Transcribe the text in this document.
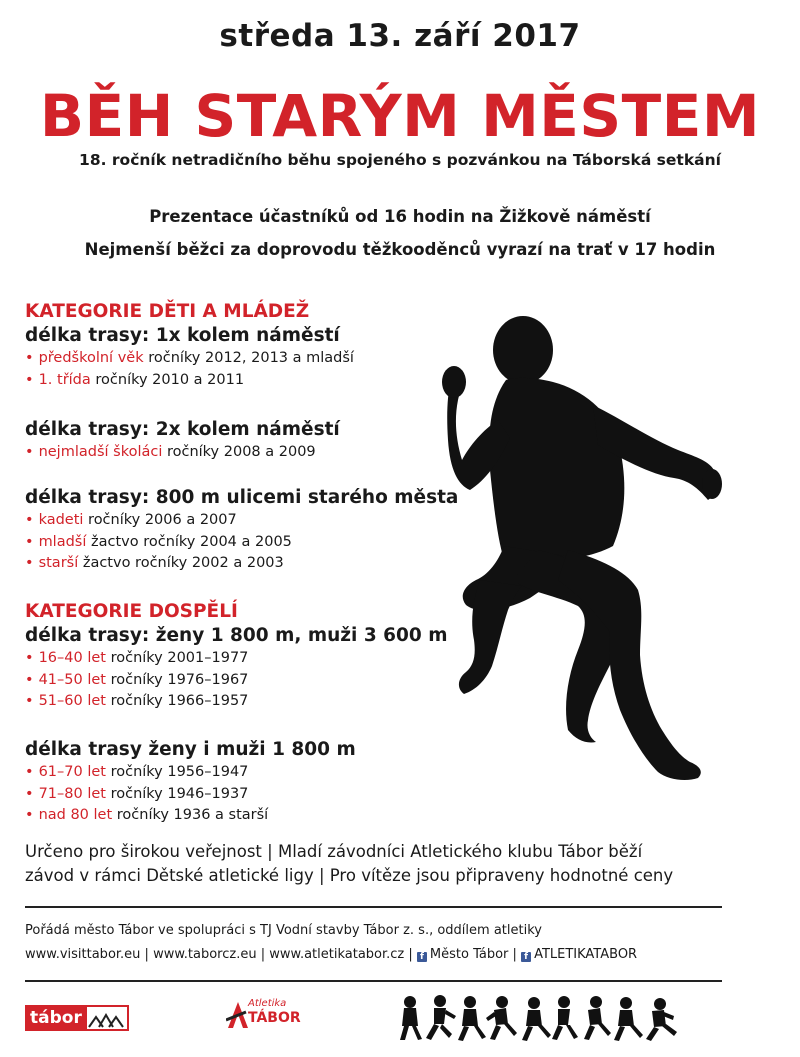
středa 13. září 2017
BĚH STARÝM MĚSTEM
18. ročník netradičního běhu spojeného s pozvánkou na Táborská setkání
Prezentace účastníků od 16 hodin na Žižkově náměstí
Nejmenší běžci za doprovodu těžkooděnců vyrazí na trať v 17 hodin

KATEGORIE DĚTI A MLÁDEŽ

délka trasy: 1x kolem náměstí

• předškolní věk ročníky 2012, 2013 a mladší
• 1. třída ročníky 2010 a 2011

délka trasy: 2x kolem náměstí

• nejmladší školáci ročníky 2008 a 2009

délka trasy: 800 m ulicemi starého města

• kadeti ročníky 2006 a 2007
• mladší žactvo ročníky 2004 a 2005
• starší žactvo ročníky 2002 a 2003

KATEGORIE DOSPĚLÍ

délka trasy: ženy 1 800 m, muži 3 600 m

• 16–40 let ročníky 2001–1977
• 41–50 let ročníky 1976–1967
• 51–60 let ročníky 1966–1957

délka trasy ženy i muži 1 800 m

• 61–70 let ročníky 1956–1947
• 71–80 let ročníky 1946–1937
• nad 80 let ročníky 1936 a starší
Určeno pro širokou veřejnost | Mladí závodníci Atletického klubu Tábor běží
závod v rámci Dětské atletické ligy | Pro vítěze jsou připraveny hodnotné ceny
Pořádá město Tábor ve spolupráci s TJ Vodní stavby Tábor z. s., oddílem atletiky
www.visittabor.eu | www.taborcz.eu | www.atletikatabor.cz | f Město Tábor | f ATLETIKATABOR
tábor
Atletika
TÁBOR
